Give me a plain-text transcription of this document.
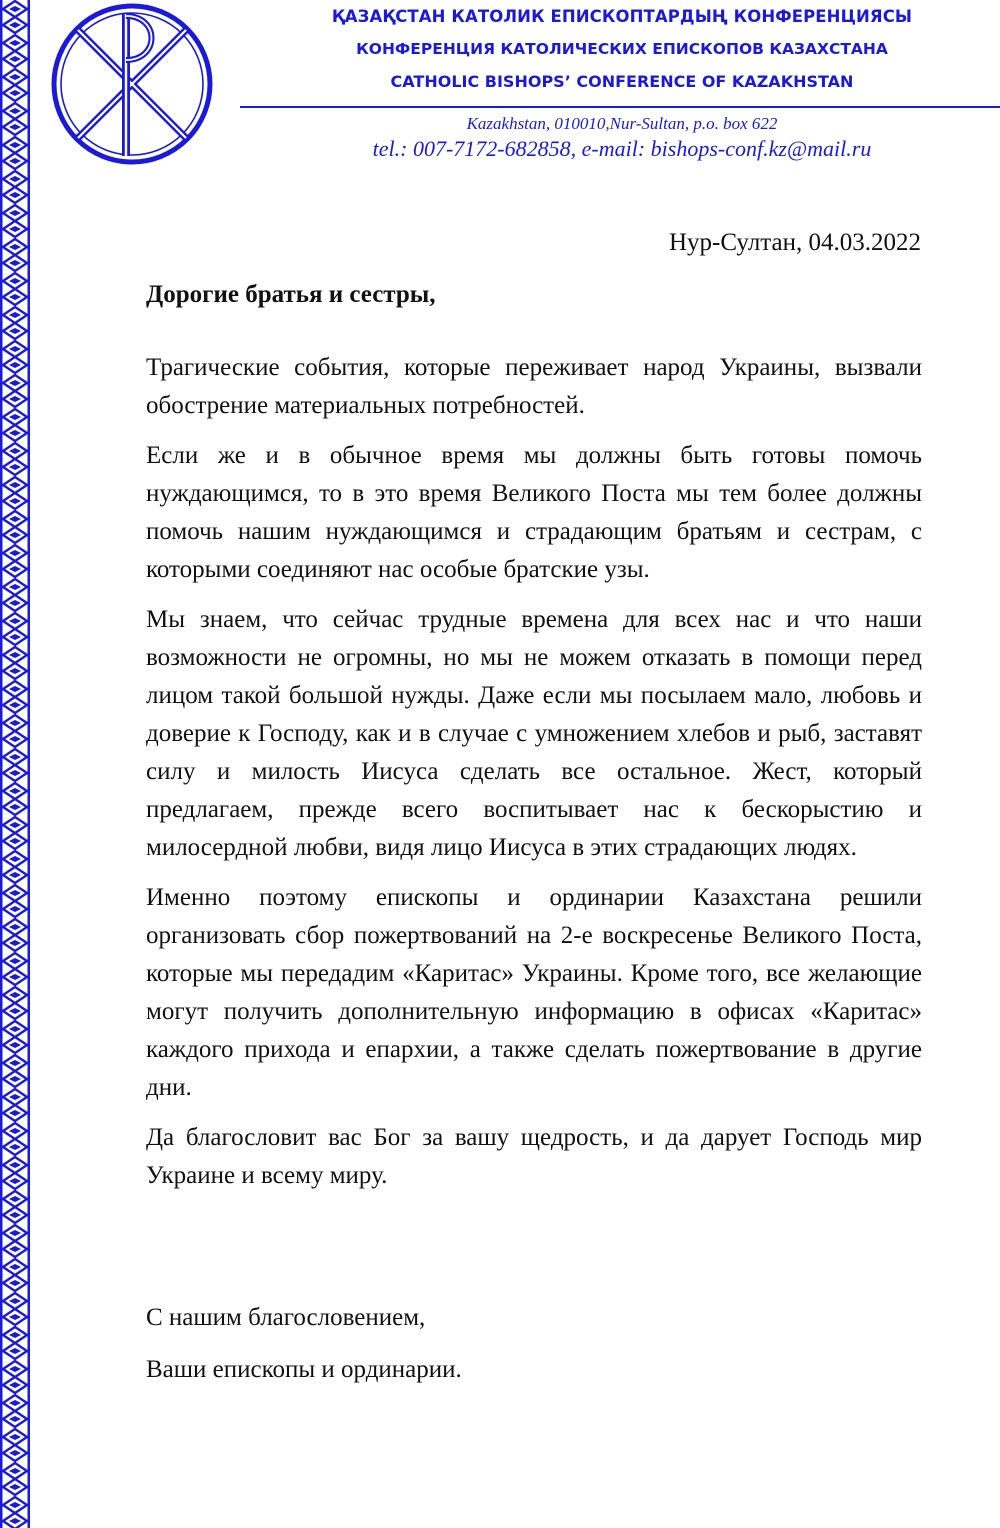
ҚАЗАҚСТАН КАТОЛИК ЕПИСКОПТАРДЫҢ КОНФЕРЕНЦИЯСЫ
КОНФЕРЕНЦИЯ КАТОЛИЧЕСКИХ ЕПИСКОПОВ КАЗАХСТАНА
CATHOLIC BISHOPS’ CONFERENCE OF KAZAKHSTAN
Kazakhstan, 010010,Nur-Sultan, p.o. box 622
tel.: 007-7172-682858, e-mail: bishops-conf.kz@mail.ru
Нур-Султан, 04.03.2022
Дорогие братья и сестры,

Трагические события, которые переживает народ Украины, вызвали обострение материальных потребностей.

Если же и в обычное время мы должны быть готовы помочь нуждающимся, то в это время Великого Поста мы тем более должны помочь нашим нуждающимся и страдающим братьям и сестрам, с которыми соединяют нас особые братские узы.

Мы знаем, что сейчас трудные времена для всех нас и что наши возможности не огромны, но мы не можем отказать в помощи перед лицом такой большой нужды. Даже если мы посылаем мало, любовь и доверие к Господу, как и в случае с умножением хлебов и рыб, заставят силу и милость Иисуса сделать все остальное. Жест, который предлагаем, прежде всего воспитывает нас к бескорыстию и милосердной любви, видя лицо Иисуса в этих страдающих людях.

Именно поэтому епископы и ординарии Казахстана решили организовать сбор пожертвований на 2-е воскресенье Великого Поста, которые мы передадим «Каритас» Украины. Кроме того, все желающие могут получить дополнительную информацию в офисах «Каритас» каждого прихода и епархии, а также сделать пожертвование в другие дни.

Да благословит вас Бог за вашу щедрость, и да дарует Господь мир Украине и всему миру.

С нашим благословением,
Ваши епископы и ординарии.
